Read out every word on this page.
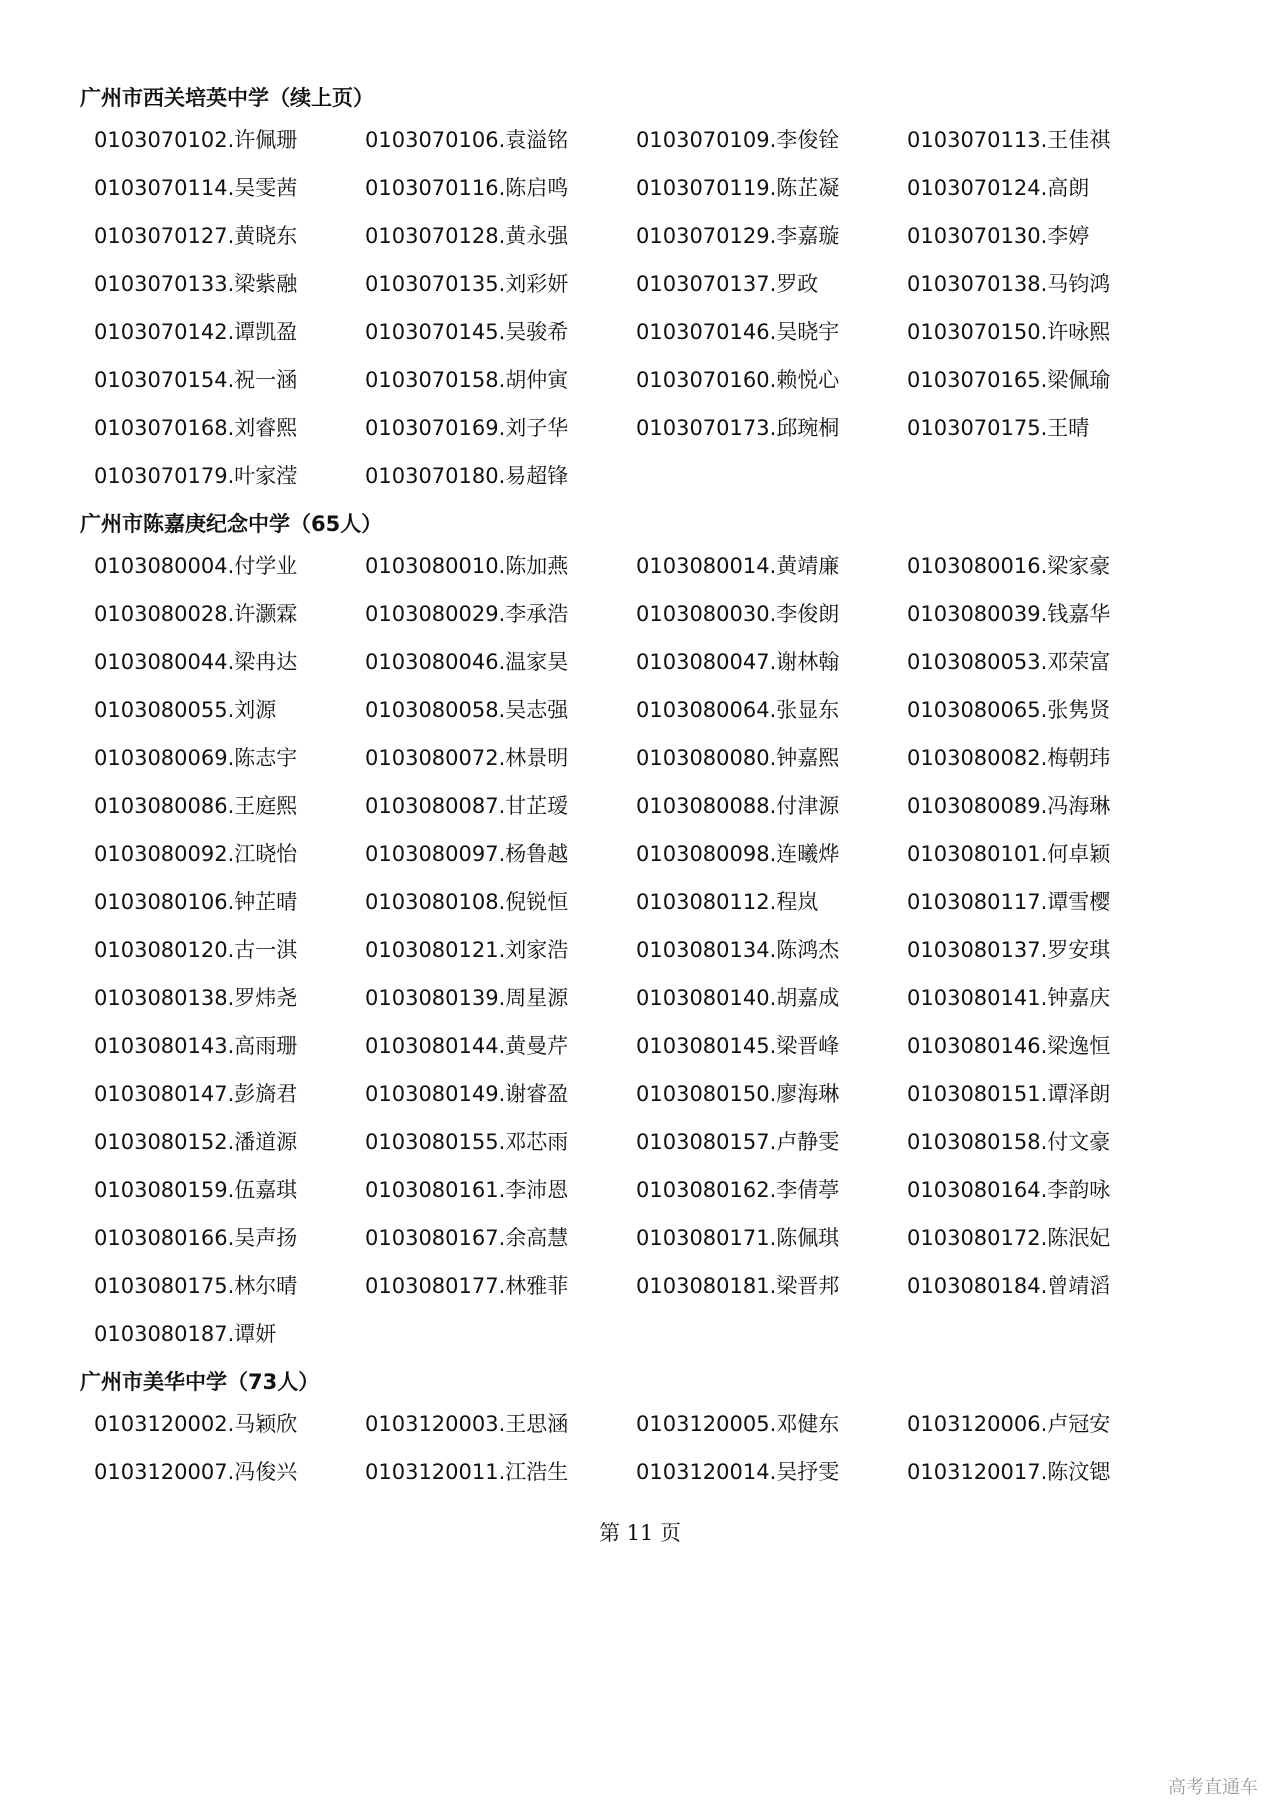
广州市西关培英中学（续上页）
0103070102.许佩珊	0103070106.袁溢铭	0103070109.李俊铨	0103070113.王佳祺
0103070114.吴雯茜	0103070116.陈启鸣	0103070119.陈芷凝	0103070124.高朗
0103070127.黄晓东	0103070128.黄永强	0103070129.李嘉璇	0103070130.李婷
0103070133.梁紫融	0103070135.刘彩妍	0103070137.罗政	0103070138.马钧鸿
0103070142.谭凯盈	0103070145.吴骏希	0103070146.吴晓宇	0103070150.许咏熙
0103070154.祝一涵	0103070158.胡仲寅	0103070160.赖悦心	0103070165.梁佩瑜
0103070168.刘睿熙	0103070169.刘子华	0103070173.邱琬桐	0103070175.王晴
0103070179.叶家滢	0103070180.易超锋
广州市陈嘉庚纪念中学（65人）
0103080004.付学业	0103080010.陈加燕	0103080014.黄靖廉	0103080016.梁家豪
0103080028.许灏霖	0103080029.李承浩	0103080030.李俊朗	0103080039.钱嘉华
0103080044.梁冉达	0103080046.温家昊	0103080047.谢林翰	0103080053.邓荣富
0103080055.刘源	0103080058.吴志强	0103080064.张显东	0103080065.张隽贤
0103080069.陈志宇	0103080072.林景明	0103080080.钟嘉熙	0103080082.梅朝玮
0103080086.王庭熙	0103080087.甘芷瑷	0103080088.付津源	0103080089.冯海琳
0103080092.江晓怡	0103080097.杨鲁越	0103080098.连曦烨	0103080101.何卓颖
0103080106.钟芷晴	0103080108.倪锐恒	0103080112.程岚	0103080117.谭雪樱
0103080120.古一淇	0103080121.刘家浩	0103080134.陈鸿杰	0103080137.罗安琪
0103080138.罗炜尧	0103080139.周星源	0103080140.胡嘉成	0103080141.钟嘉庆
0103080143.高雨珊	0103080144.黄曼芹	0103080145.梁晋峰	0103080146.梁逸恒
0103080147.彭旖君	0103080149.谢睿盈	0103080150.廖海琳	0103080151.谭泽朗
0103080152.潘道源	0103080155.邓芯雨	0103080157.卢静雯	0103080158.付文豪
0103080159.伍嘉琪	0103080161.李沛恩	0103080162.李倩葶	0103080164.李韵咏
0103080166.吴声扬	0103080167.余高慧	0103080171.陈佩琪	0103080172.陈泯妃
0103080175.林尔晴	0103080177.林雅菲	0103080181.梁晋邦	0103080184.曾靖滔
0103080187.谭妍
广州市美华中学（73人）
0103120002.马颖欣	0103120003.王思涵	0103120005.邓健东	0103120006.卢冠安
0103120007.冯俊兴	0103120011.江浩生	0103120014.吴抒雯	0103120017.陈汶锶
第 11 页
高考直通车
